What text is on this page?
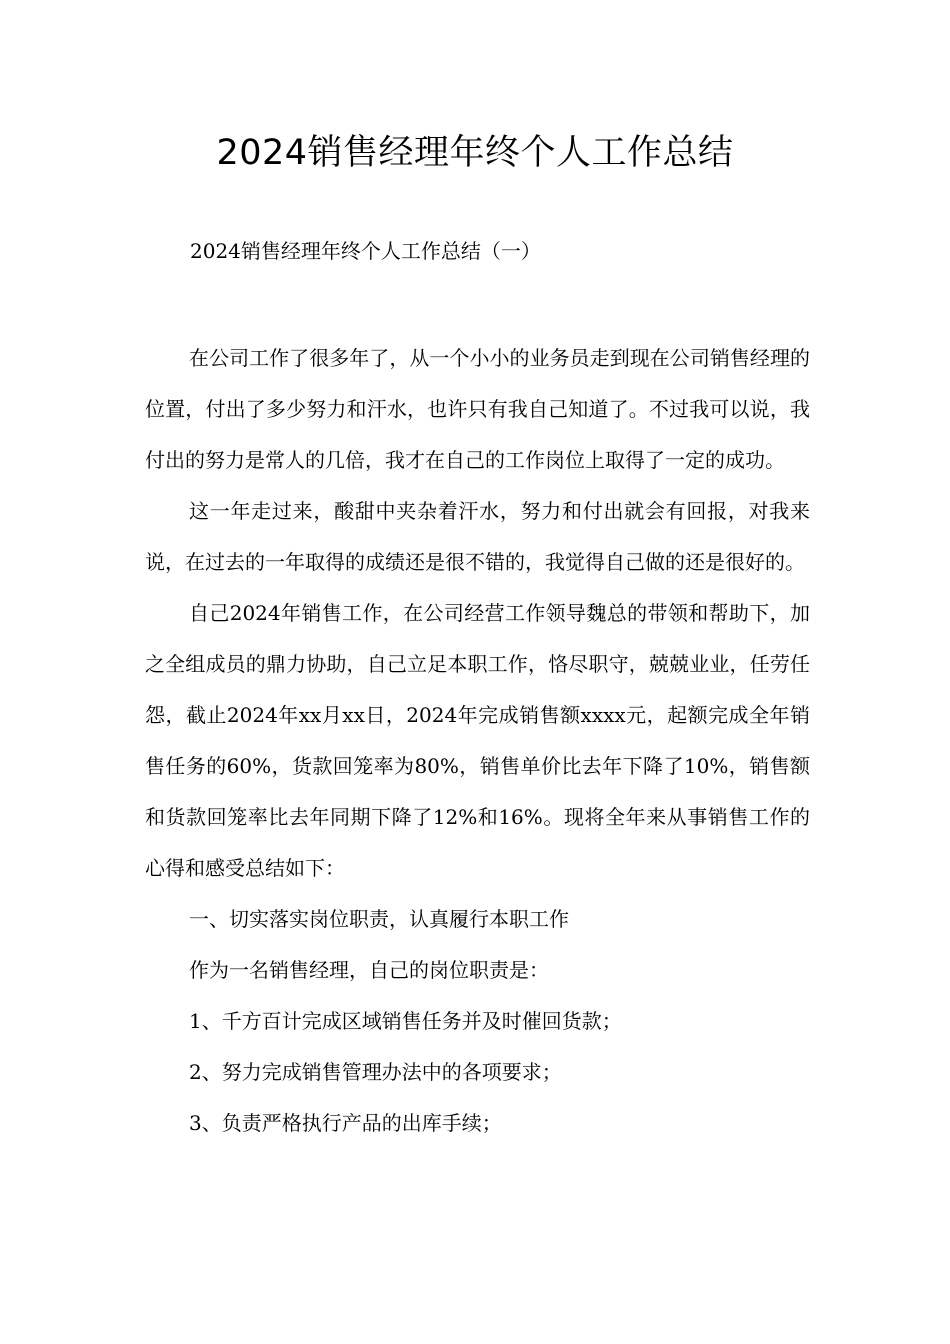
2024销售经理年终个人工作总结
2024销售经理年终个人工作总结（一）

在公司工作了很多年了，从一个小小的业务员走到现在公司销售经理的位置，付出了多少努力和汗水，也许只有我自己知道了。不过我可以说，我付出的努力是常人的几倍，我才在自己的工作岗位上取得了一定的成功。

这一年走过来，酸甜中夹杂着汗水，努力和付出就会有回报，对我来说，在过去的一年取得的成绩还是很不错的，我觉得自己做的还是很好的。

自己2024年销售工作，在公司经营工作领导魏总的带领和帮助下，加之全组成员的鼎力协助，自己立足本职工作，恪尽职守，兢兢业业，任劳任怨，截止2024年xx月xx日，2024年完成销售额xxxx元，起额完成全年销售任务的60%，货款回笼率为80%，销售单价比去年下降了10%，销售额和货款回笼率比去年同期下降了12%和16%。现将全年来从事销售工作的心得和感受总结如下：

一、切实落实岗位职责，认真履行本职工作

作为一名销售经理，自己的岗位职责是：

1、千方百计完成区域销售任务并及时催回货款；

2、努力完成销售管理办法中的各项要求；

3、负责严格执行产品的出库手续；
